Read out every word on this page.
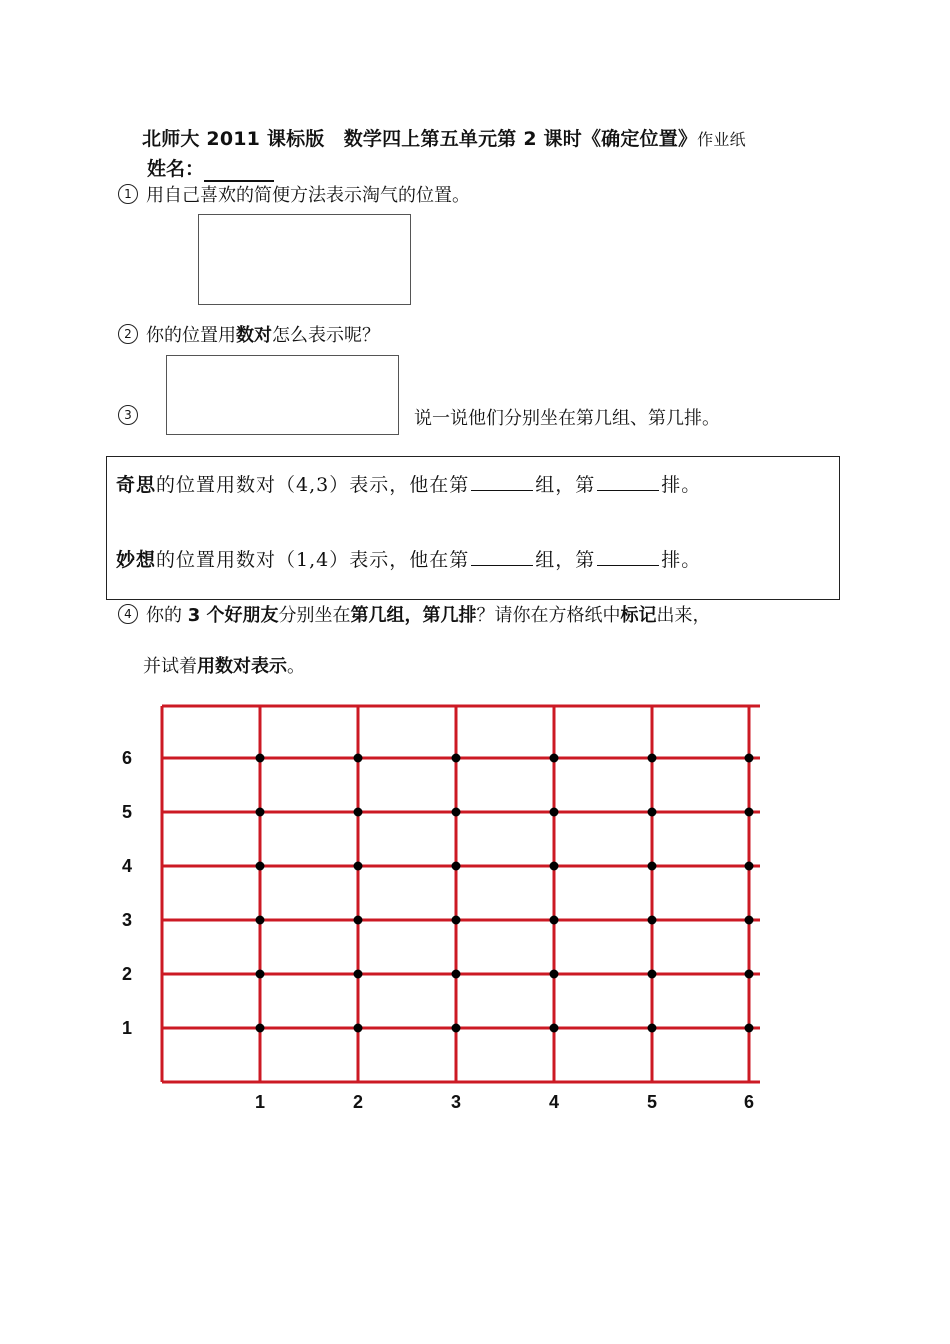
北师大 2011 课标版　数学四上第五单元第 2 课时《确定位置》作业纸
姓名：
1 用自己喜欢的简便方法表示淘气的位置。
2 你的位置用数对怎么表示呢？
3	说一说他们分别坐在第几组、第几排。
奇思的位置用数对（4,3）表示，他在第	组，第	排。
妙想的位置用数对（1,4）表示，他在第	组，第	排。
4 你的 3 个好朋友分别坐在第几组，第几排？请你在方格纸中标记出来，
并试着用数对表示。
1	2	3	4	5	6
1
2
3
4
5
6
